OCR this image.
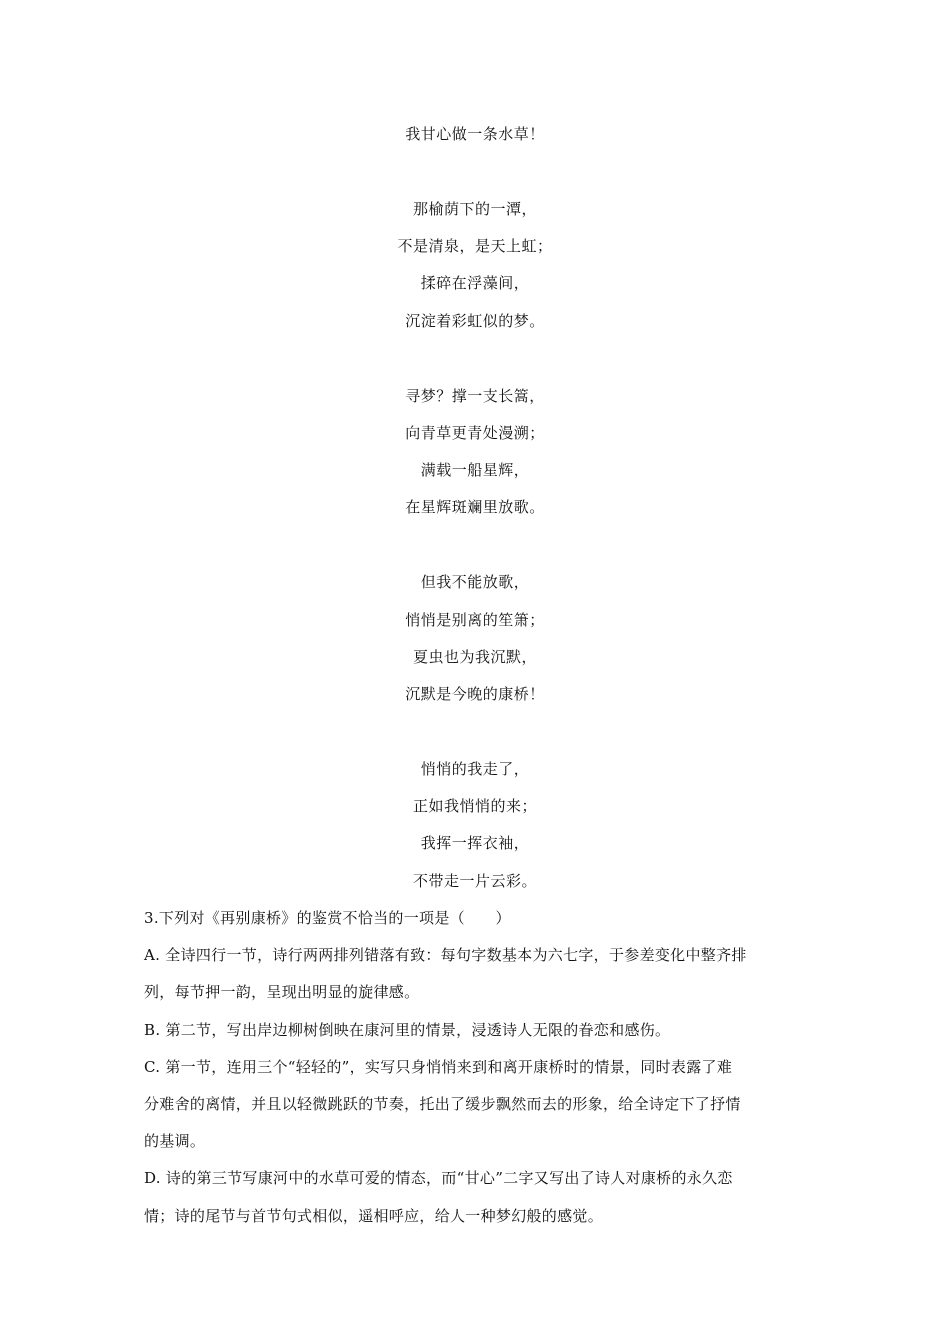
我甘心做一条水草！
那榆荫下的一潭，
不是清泉，是天上虹；
揉碎在浮藻间，
沉淀着彩虹似的梦。
寻梦？撑一支长篙，
向青草更青处漫溯；
满载一船星辉，
在星辉斑斓里放歌。
但我不能放歌，
悄悄是别离的笙箫；
夏虫也为我沉默，
沉默是今晚的康桥！
悄悄的我走了，
正如我悄悄的来；
我挥一挥衣袖，
不带走一片云彩。
3.下列对《再别康桥》的鉴赏不恰当的一项是（　　）
A. 全诗四行一节，诗行两两排列错落有致：每句字数基本为六七字，于参差变化中整齐排
列，每节押一韵，呈现出明显的旋律感。
B. 第二节，写出岸边柳树倒映在康河里的情景，浸透诗人无限的眷恋和感伤。
C. 第一节，连用三个“轻轻的”，实写只身悄悄来到和离开康桥时的情景，同时表露了难
分难舍的离情，并且以轻微跳跃的节奏，托出了缓步飘然而去的形象，给全诗定下了抒情
的基调。
D. 诗的第三节写康河中的水草可爱的情态，而“甘心”二字又写出了诗人对康桥的永久恋
情；诗的尾节与首节句式相似，遥相呼应，给人一种梦幻般的感觉。
